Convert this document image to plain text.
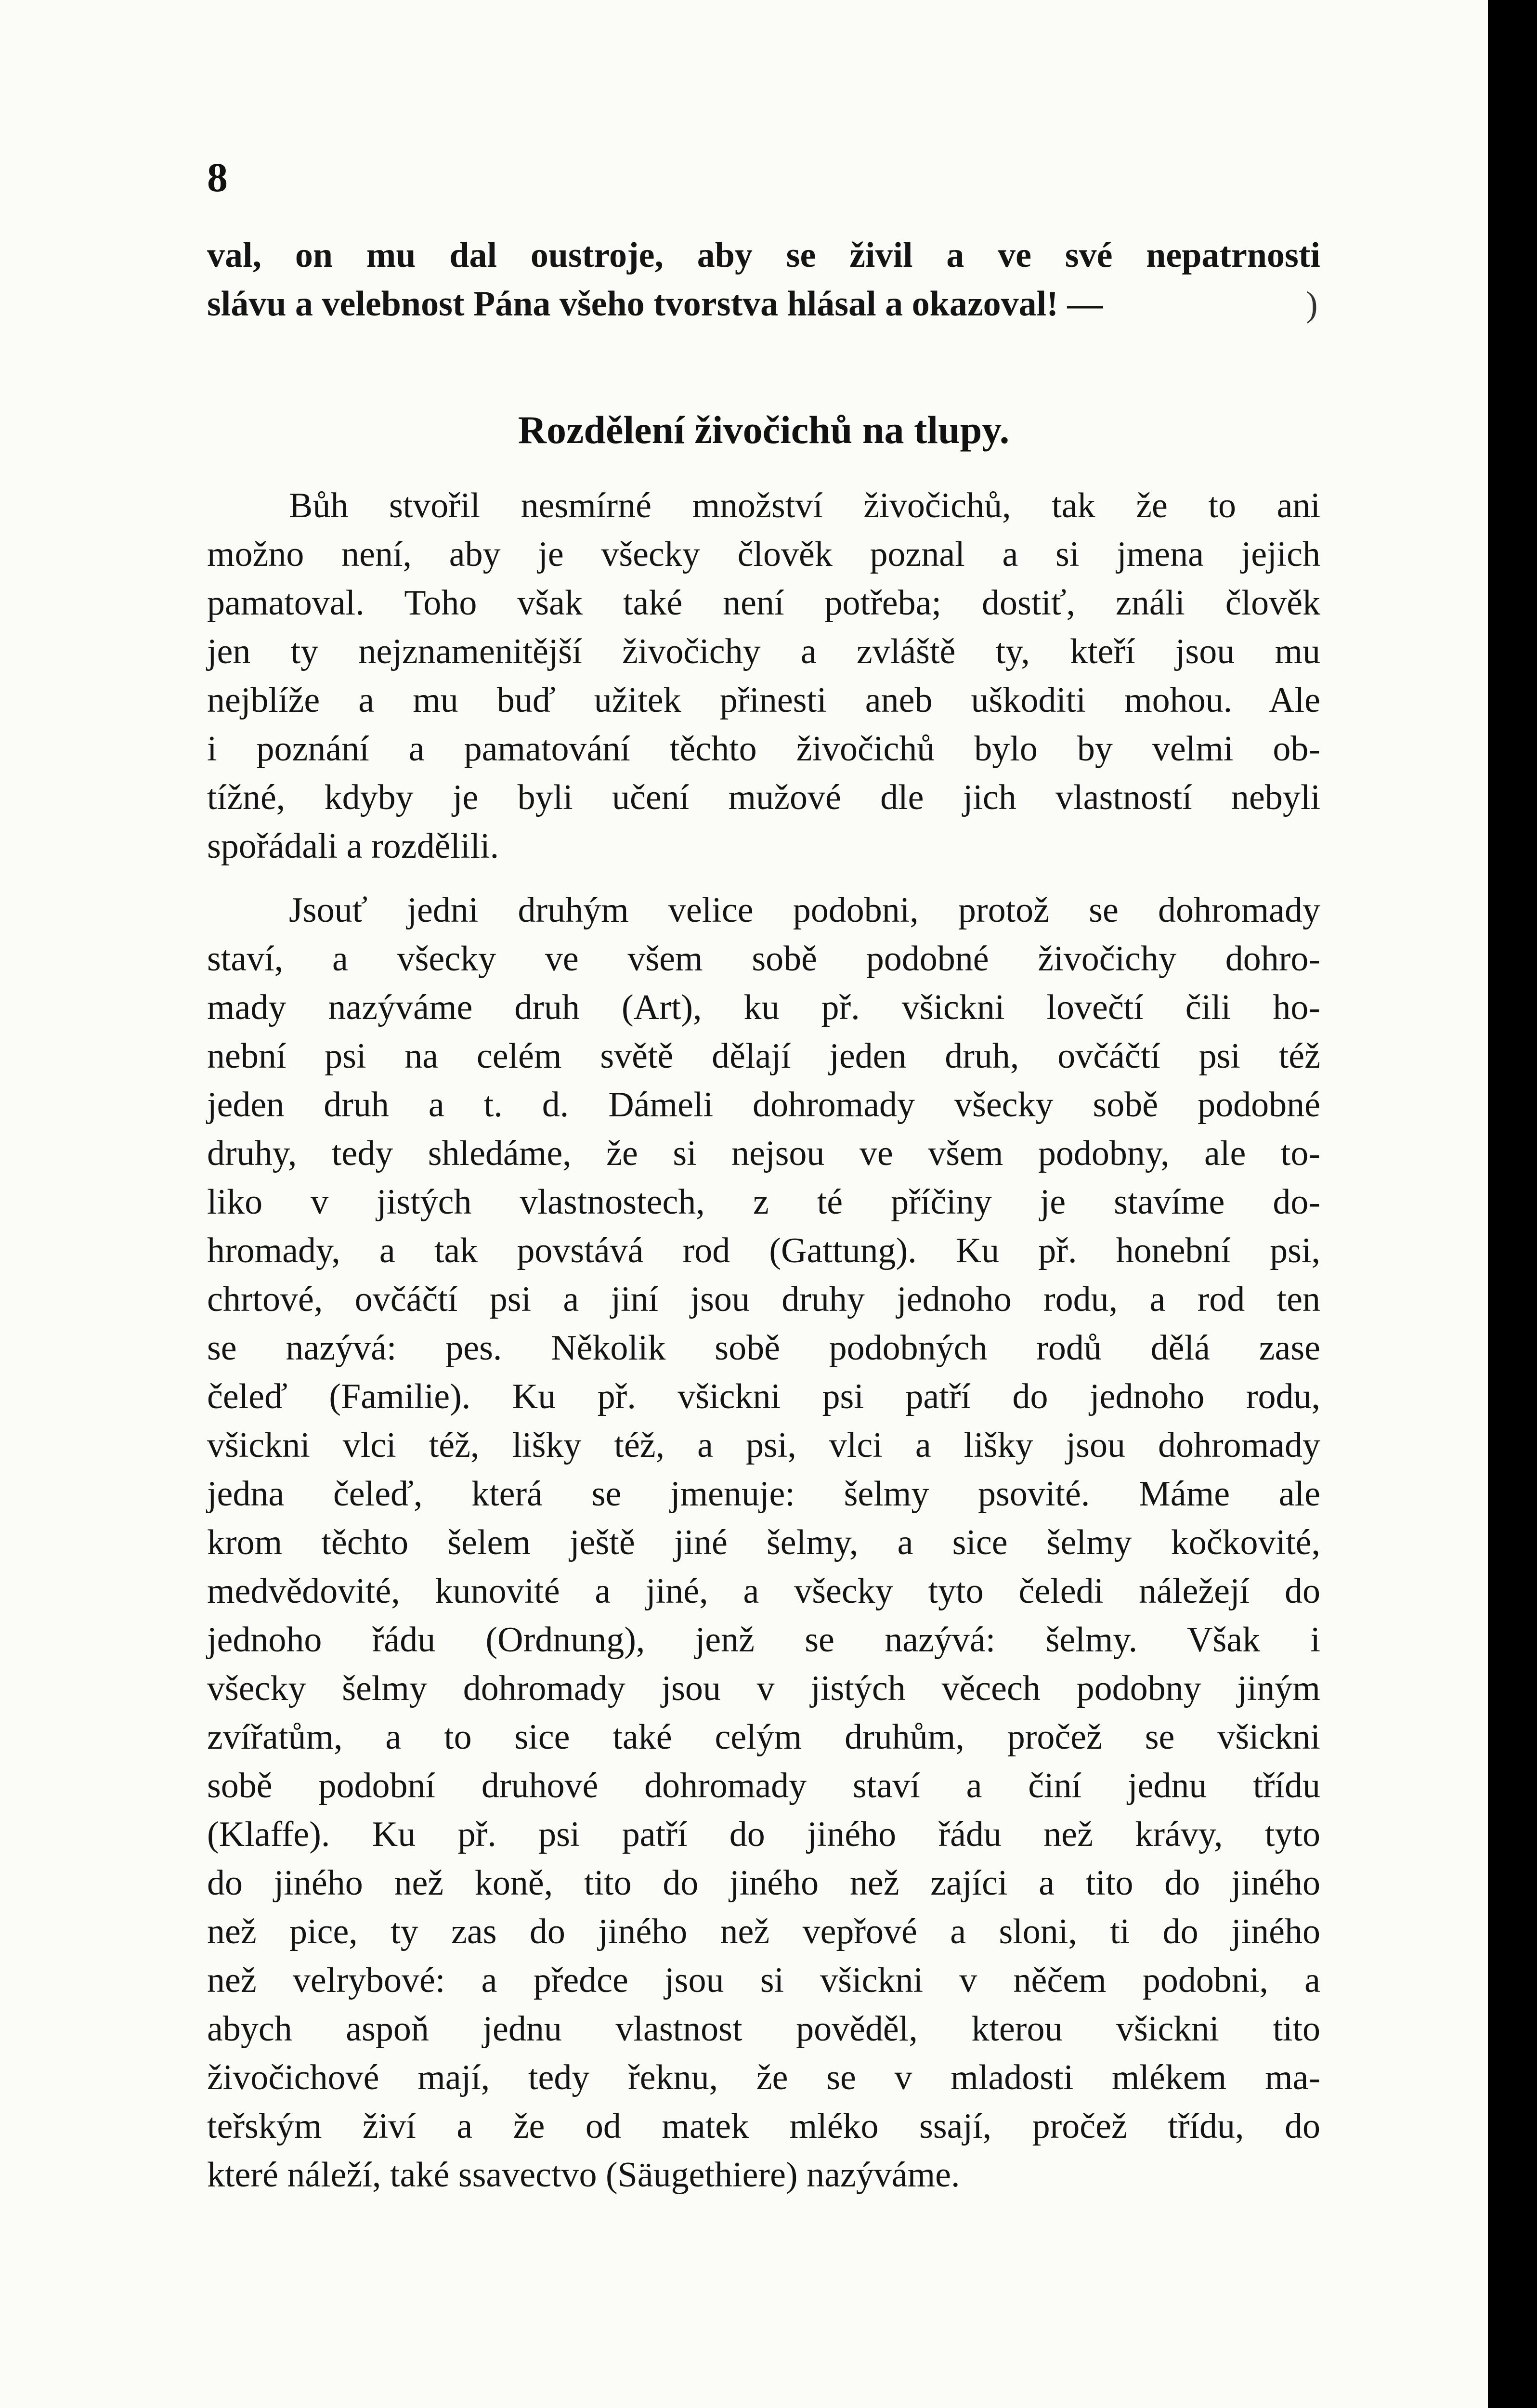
8

val, on mu dal oustroje, aby se živil a ve své nepatrnosti
slávu a velebnost Pána všeho tvorstva hlásal a okazoval! —	)
Rozdělení živočichů na tlupy.
Bůh stvořil nesmírné množství živočichů, tak že to ani
možno není, aby je všecky člověk poznal a si jmena jejich
pamatoval. Toho však také není potřeba; dostiť, ználi člověk
jen ty nejznamenitější živočichy a zvláště ty, kteří jsou mu
nejblíže a mu buď užitek přinesti aneb uškoditi mohou. Ale
i poznání a pamatování těchto živočichů bylo by velmi ob-
tížné, kdyby je byli učení mužové dle jich vlastností nebyli
spořádali a rozdělili.
Jsouť jedni druhým velice podobni, protož se dohromady
staví, a všecky ve všem sobě podobné živočichy dohro-
mady nazýváme druh (Art), ku př. všickni lovečtí čili ho-
nební psi na celém světě dělají jeden druh, ovčáčtí psi též
jeden druh a t. d. Dámeli dohromady všecky sobě podobné
druhy, tedy shledáme, že si nejsou ve všem podobny, ale to-
liko v jistých vlastnostech, z té příčiny je stavíme do-
hromady, a tak povstává rod (Gattung). Ku př. honební psi,
chrtové, ovčáčtí psi a jiní jsou druhy jednoho rodu, a rod ten
se nazývá: pes. Několik sobě podobných rodů dělá zase
čeleď (Familie). Ku př. všickni psi patří do jednoho rodu,
všickni vlci též, lišky též, a psi, vlci a lišky jsou dohromady
jedna čeleď, která se jmenuje: šelmy psovité. Máme ale
krom těchto šelem ještě jiné šelmy, a sice šelmy kočkovité,
medvědovité, kunovité a jiné, a všecky tyto čeledi náležejí do
jednoho řádu (Ordnung), jenž se nazývá: šelmy. Však i
všecky šelmy dohromady jsou v jistých věcech podobny jiným
zvířatům, a to sice také celým druhům, pročež se všickni
sobě podobní druhové dohromady staví a činí jednu třídu
(Klaffe). Ku př. psi patří do jiného řádu než krávy, tyto
do jiného než koně, tito do jiného než zajíci a tito do jiného
než pice, ty zas do jiného než vepřové a sloni, ti do jiného
než velrybové: a předce jsou si všickni v něčem podobni, a
abych aspoň jednu vlastnost pověděl, kterou všickni tito
živočichové mají, tedy řeknu, že se v mladosti mlékem ma-
teřským živí a že od matek mléko ssají, pročež třídu, do
které náleží, také ssavectvo (Säugethiere) nazýváme.
